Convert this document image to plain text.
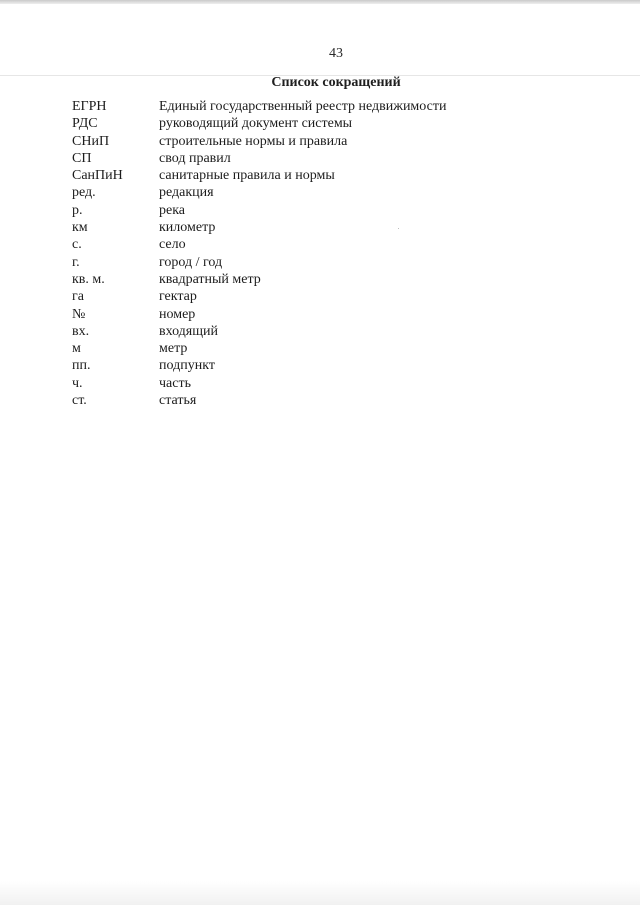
43
Список сокращений
ЕГРН	Единый государственный реестр недвижимости
РДС	руководящий документ системы
СНиП	строительные нормы и правила
СП	свод правил
СанПиН	санитарные правила и нормы
ред.	редакция
р.	река
км	километр
с.	село
г.	город / год
кв. м.	квадратный метр
га	гектар
№	номер
вх.	входящий
м	метр
пп.	подпункт
ч.	часть
ст.	статья
